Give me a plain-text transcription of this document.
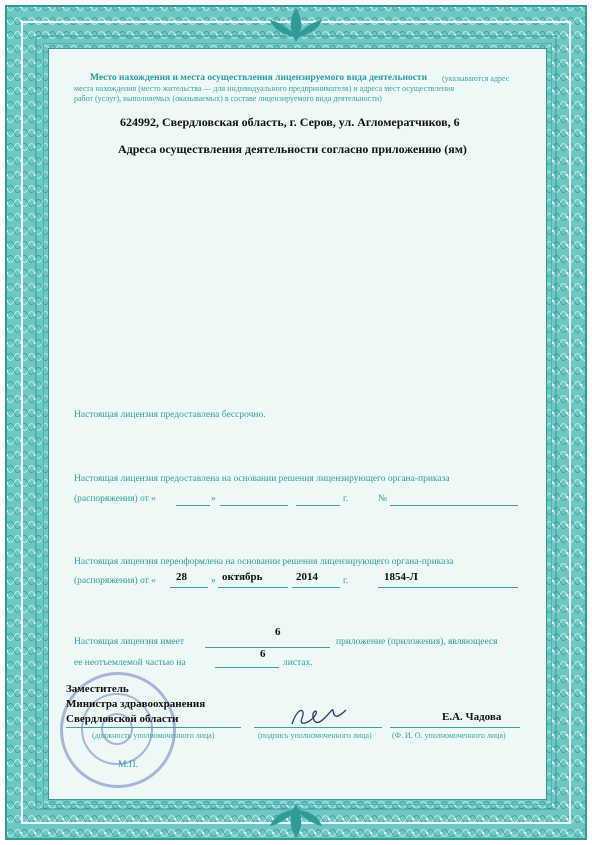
Место нахождения и места осуществления лицензируемого вида деятельности (указываются адрес
места нахождения (место жительства — для индивидуального предпринимателя) и адреса мест осуществления
работ (услуг), выполняемых (оказываемых) в составе лицензируемого вида деятельности)
624992, Свердловская область, г. Серов, ул. Агломератчиков, 6
Адреса осуществления деятельности согласно приложению (ям)
Настоящая лицензия предоставлена бессрочно.
Настоящая лицензия предоставлена на основании решения лицензирующего органа-приказа
(распоряжения) от «	»	г.	№
Настоящая лицензия переоформлена на основании решения лицензирующего органа-приказа
(распоряжения) от « 28	» октябрь	2014	г.	1854-Л
Настоящая лицензия имеет
6
приложение (приложения), являющееся
ее неотъемлемой частью на
6
листах.
Заместитель
Министра здравоохранения
Свердловской области	Е.А. Чадова
(должность уполномоченного лица)	(подпись уполномоченного лица)	(Ф. И. О. уполномоченного лица)
М.П.
